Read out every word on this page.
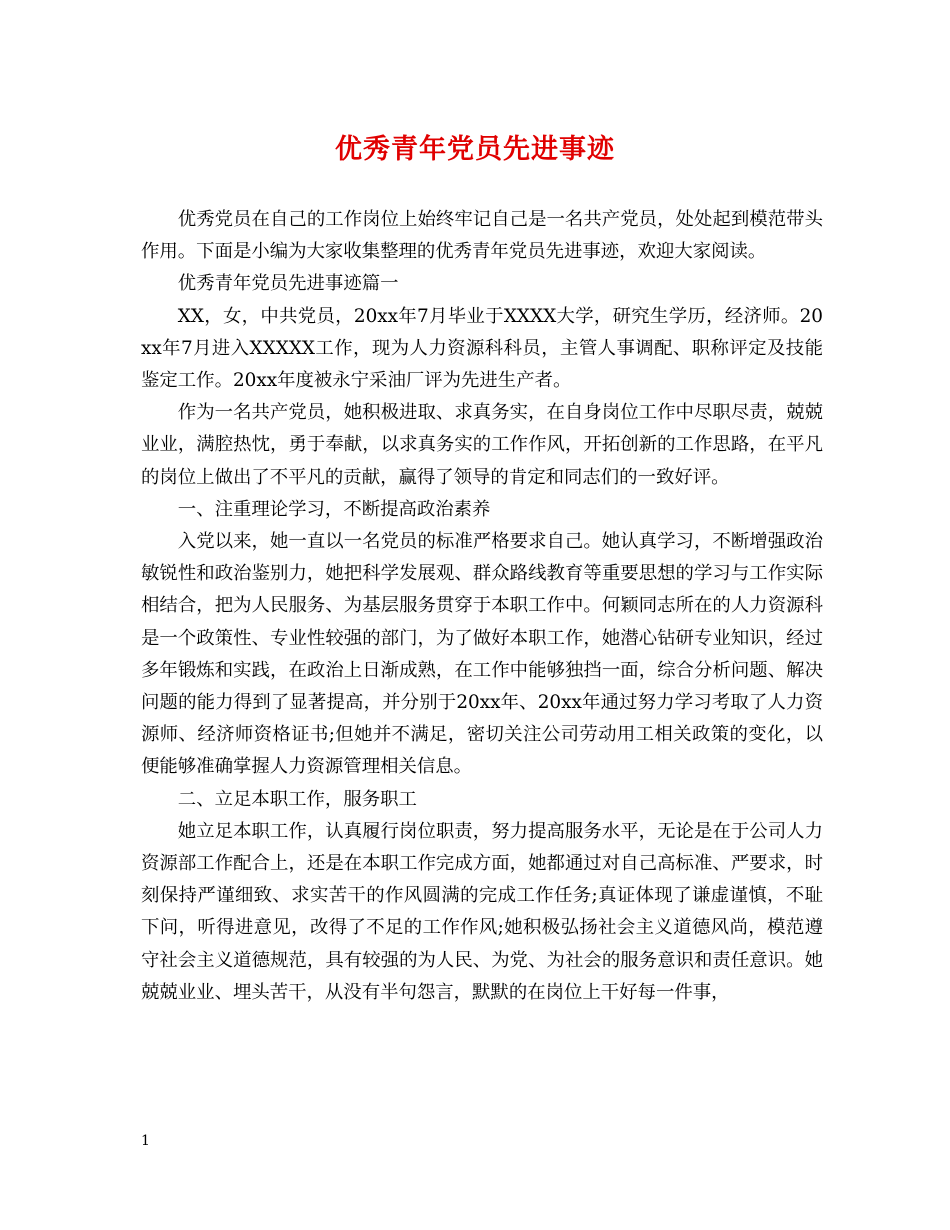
优秀青年党员先进事迹

优秀党员在自己的工作岗位上始终牢记自己是一名共产党员，处处起到模范带头作用。下面是小编为大家收集整理的优秀青年党员先进事迹，欢迎大家阅读。

优秀青年党员先进事迹篇一

XX，女，中共党员，20xx年7月毕业于XXXX大学，研究生学历，经济师。20xx年7月进入XXXXX工作，现为人力资源科科员，主管人事调配、职称评定及技能鉴定工作。20xx年度被永宁采油厂评为先进生产者。

作为一名共产党员，她积极进取、求真务实，在自身岗位工作中尽职尽责，兢兢业业，满腔热忱，勇于奉献，以求真务实的工作作风，开拓创新的工作思路，在平凡的岗位上做出了不平凡的贡献，赢得了领导的肯定和同志们的一致好评。

一、注重理论学习，不断提高政治素养

入党以来，她一直以一名党员的标准严格要求自己。她认真学习，不断增强政治敏锐性和政治鉴别力，她把科学发展观、群众路线教育等重要思想的学习与工作实际相结合，把为人民服务、为基层服务贯穿于本职工作中。何颖同志所在的人力资源科是一个政策性、专业性较强的部门，为了做好本职工作，她潜心钻研专业知识，经过多年锻炼和实践，在政治上日渐成熟，在工作中能够独挡一面，综合分析问题、解决问题的能力得到了显著提高，并分别于20xx年、20xx年通过努力学习考取了人力资源师、经济师资格证书;但她并不满足，密切关注公司劳动用工相关政策的变化，以便能够准确掌握人力资源管理相关信息。

二、立足本职工作，服务职工

她立足本职工作，认真履行岗位职责，努力提高服务水平，无论是在于公司人力资源部工作配合上，还是在本职工作完成方面，她都通过对自己高标准、严要求，时刻保持严谨细致、求实苦干的作风圆满的完成工作任务;真证体现了谦虚谨慎，不耻下问，听得进意见，改得了不足的工作作风;她积极弘扬社会主义道德风尚，模范遵守社会主义道德规范，具有较强的为人民、为党、为社会的服务意识和责任意识。她兢兢业业、埋头苦干，从没有半句怨言，默默的在岗位上干好每一件事，

1
